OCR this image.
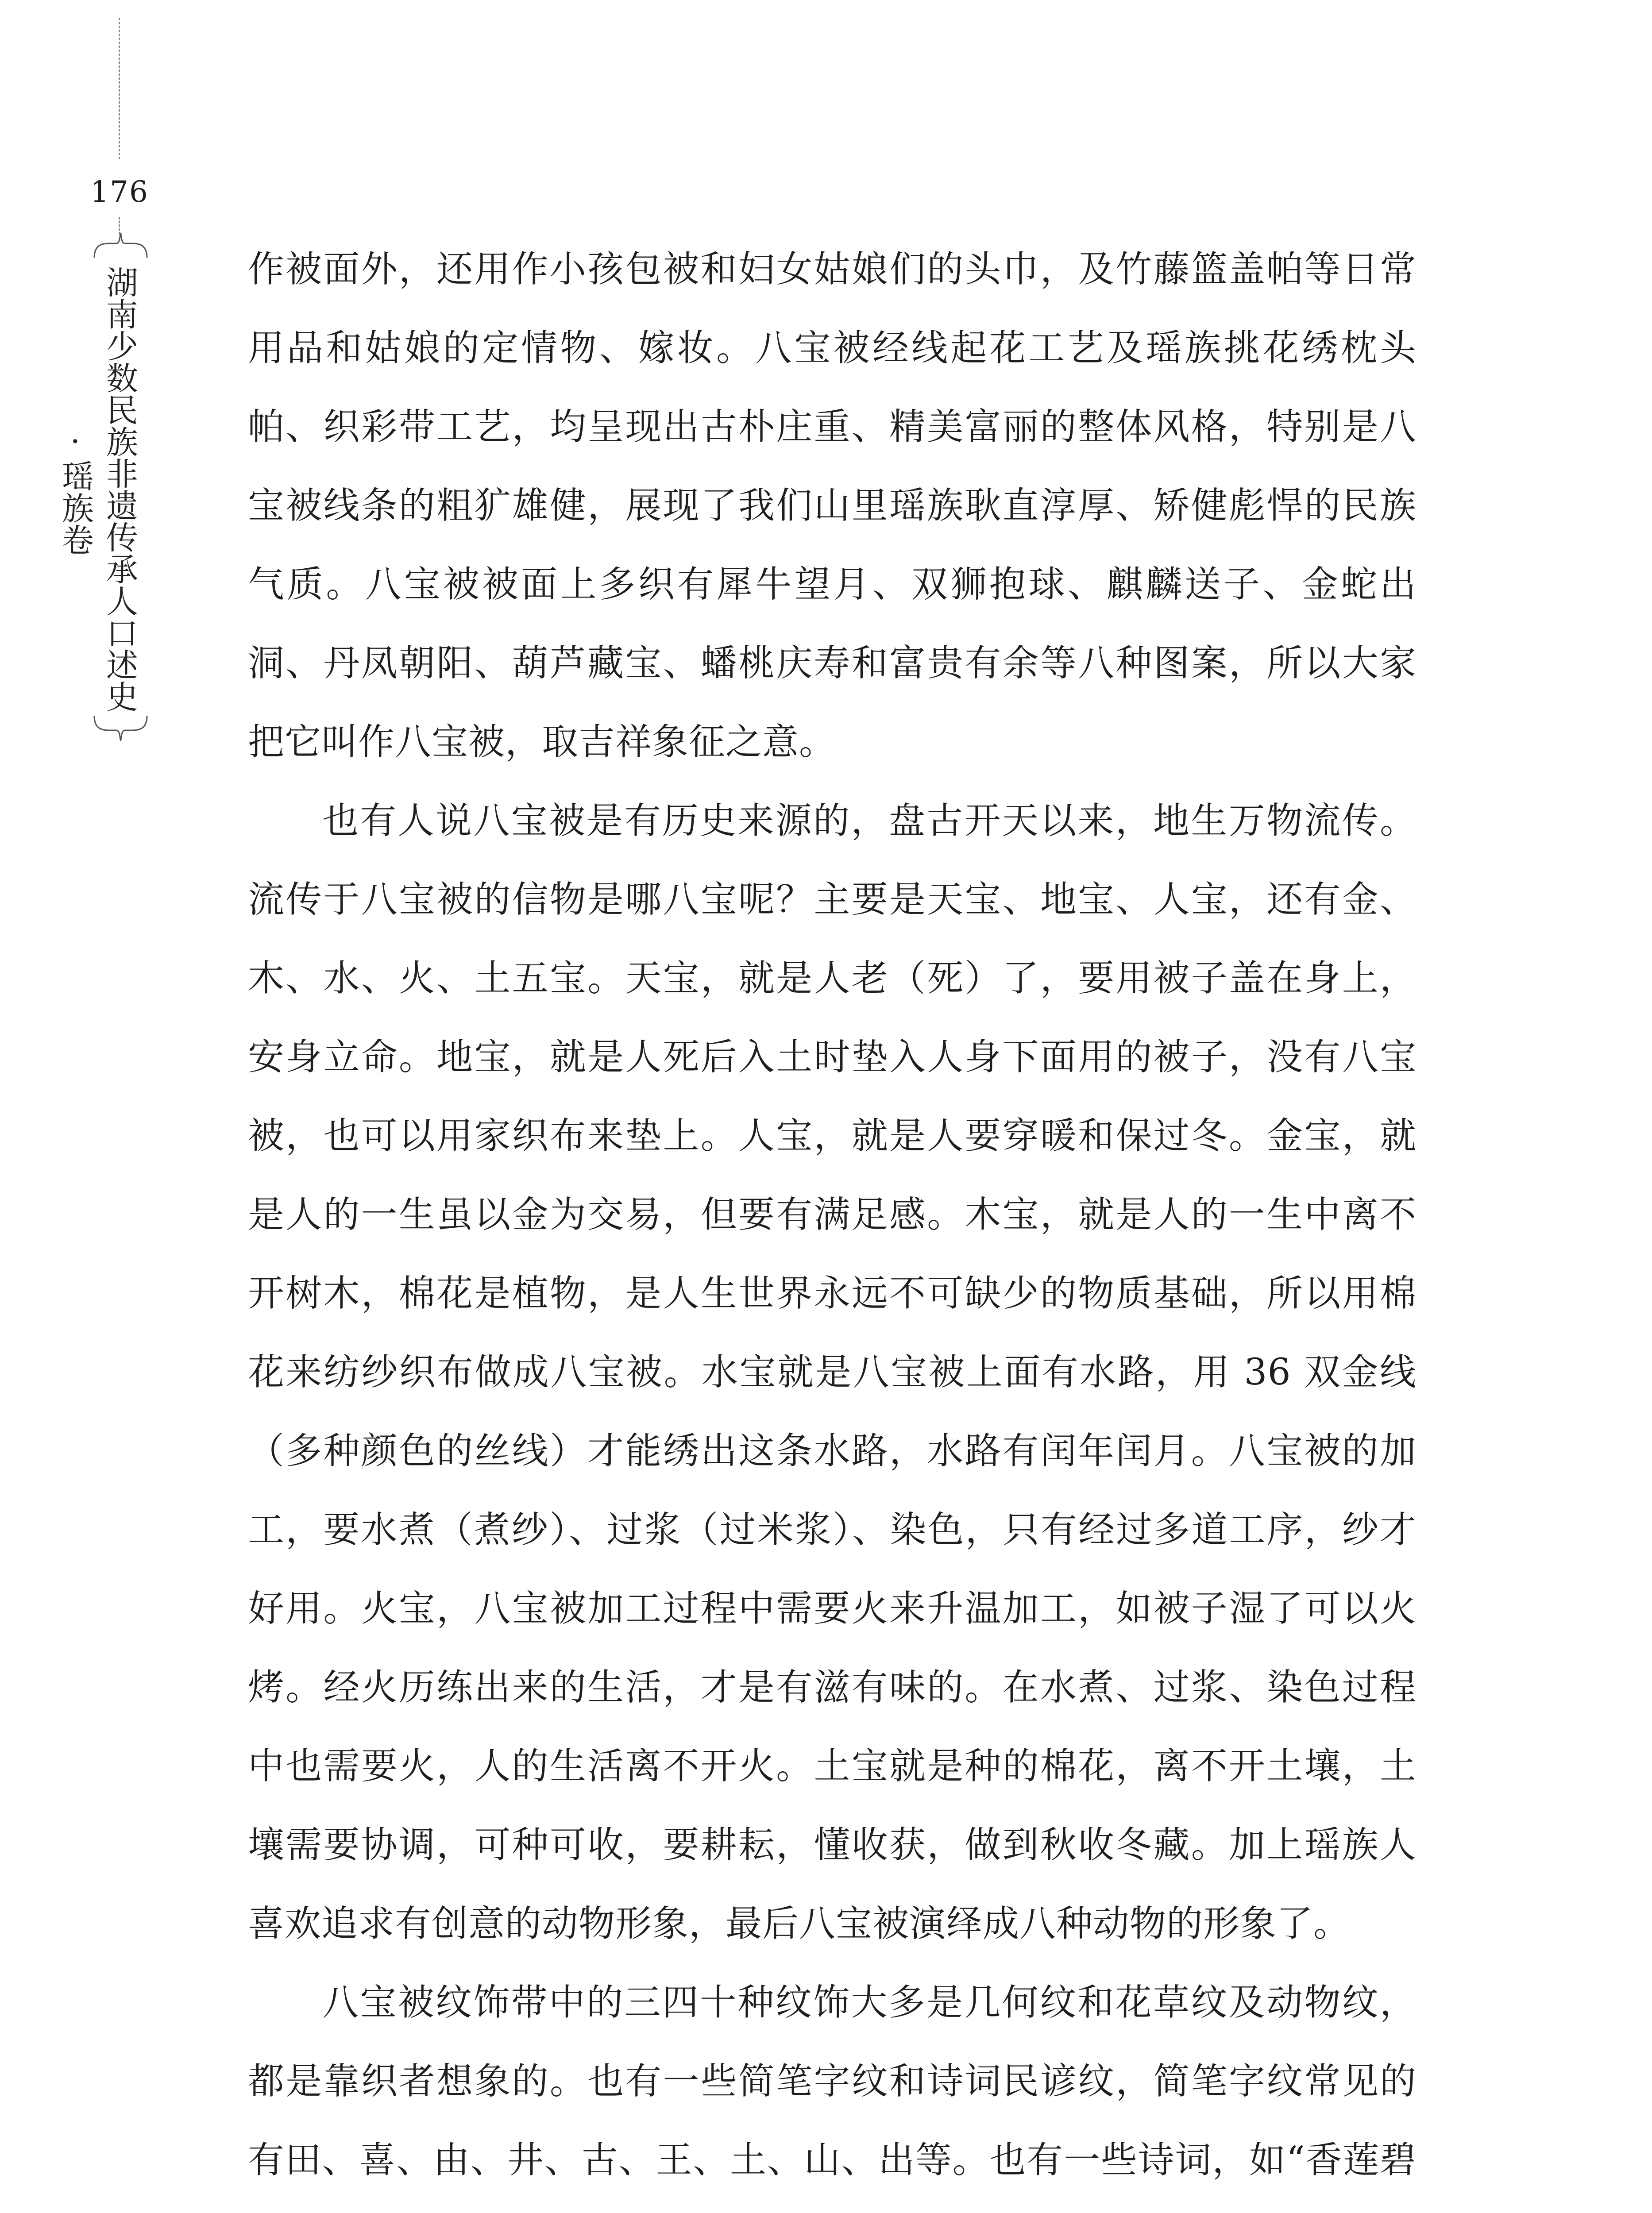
176
湖南少数民族非遗传承人口述史·瑶族卷

作被面外，还用作小孩包被和妇女姑娘们的头巾，及竹藤篮盖帕等日常用品和姑娘的定情物、嫁妆。八宝被经线起花工艺及瑶族挑花绣枕头帕、织彩带工艺，均呈现出古朴庄重、精美富丽的整体风格，特别是八宝被线条的粗犷雄健，展现了我们山里瑶族耿直淳厚、矫健彪悍的民族气质。八宝被被面上多织有犀牛望月、双狮抱球、麒麟送子、金蛇出洞、丹凤朝阳、葫芦藏宝、蟠桃庆寿和富贵有余等八种图案，所以大家把它叫作八宝被，取吉祥象征之意。

也有人说八宝被是有历史来源的，盘古开天以来，地生万物流传。流传于八宝被的信物是哪八宝呢？主要是天宝、地宝、人宝，还有金、木、水、火、土五宝。天宝，就是人老（死）了，要用被子盖在身上，安身立命。地宝，就是人死后入土时垫入人身下面用的被子，没有八宝被，也可以用家织布来垫上。人宝，就是人要穿暖和保过冬。金宝，就是人的一生虽以金为交易，但要有满足感。木宝，就是人的一生中离不开树木，棉花是植物，是人生世界永远不可缺少的物质基础，所以用棉花来纺纱织布做成八宝被。水宝就是八宝被上面有水路，用 36 双金线（多种颜色的丝线）才能绣出这条水路，水路有闰年闰月。八宝被的加工，要水煮（煮纱）、过浆（过米浆）、染色，只有经过多道工序，纱才好用。火宝，八宝被加工过程中需要火来升温加工，如被子湿了可以火烤。经火历练出来的生活，才是有滋有味的。在水煮、过浆、染色过程中也需要火，人的生活离不开火。土宝就是种的棉花，离不开土壤，土壤需要协调，可种可收，要耕耘，懂收获，做到秋收冬藏。加上瑶族人喜欢追求有创意的动物形象，最后八宝被演绎成八种动物的形象了。

八宝被纹饰带中的三四十种纹饰大多是几何纹和花草纹及动物纹，都是靠织者想象的。也有一些简笔字纹和诗词民谚纹，简笔字纹常见的有田、喜、由、井、古、王、土、山、出等。也有一些诗词，如“香莲碧
